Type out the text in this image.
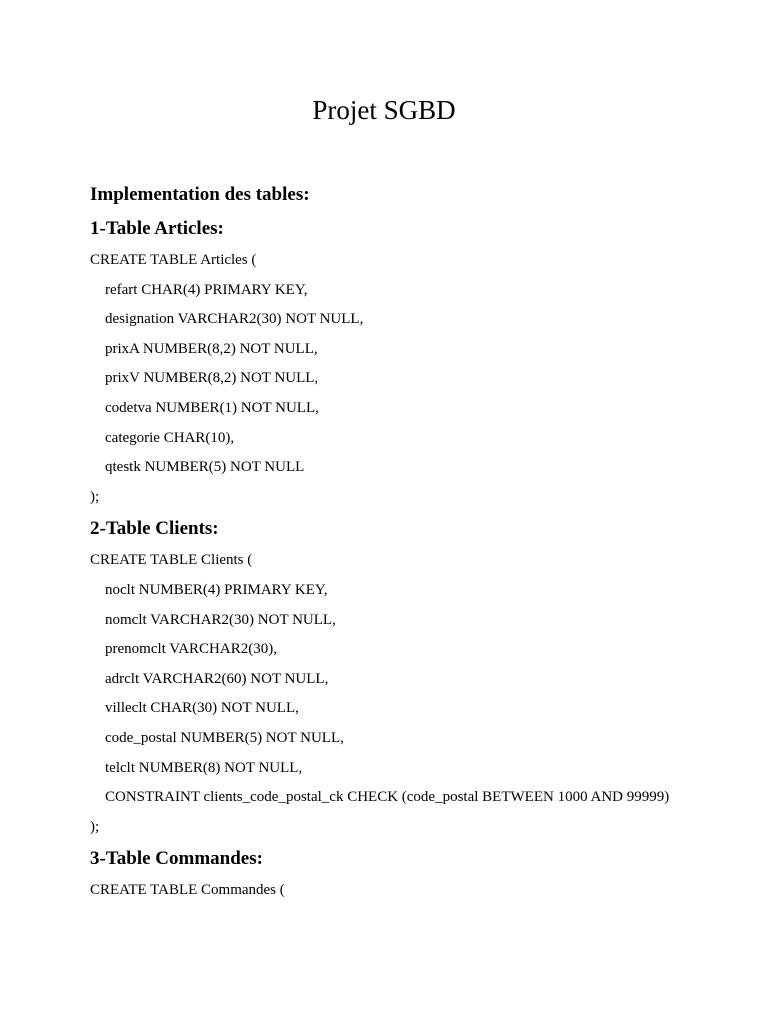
Projet SGBD
Implementation des tables:
1-Table Articles:
CREATE TABLE Articles (
refart CHAR(4) PRIMARY KEY,
designation VARCHAR2(30) NOT NULL,
prixA NUMBER(8,2) NOT NULL,
prixV NUMBER(8,2) NOT NULL,
codetva NUMBER(1) NOT NULL,
categorie CHAR(10),
qtestk NUMBER(5) NOT NULL
);
2-Table Clients:
CREATE TABLE Clients (
noclt NUMBER(4) PRIMARY KEY,
nomclt VARCHAR2(30) NOT NULL,
prenomclt VARCHAR2(30),
adrclt VARCHAR2(60) NOT NULL,
villeclt CHAR(30) NOT NULL,
code_postal NUMBER(5) NOT NULL,
telclt NUMBER(8) NOT NULL,
CONSTRAINT clients_code_postal_ck CHECK (code_postal BETWEEN 1000 AND 99999)
);
3-Table Commandes:
CREATE TABLE Commandes (
